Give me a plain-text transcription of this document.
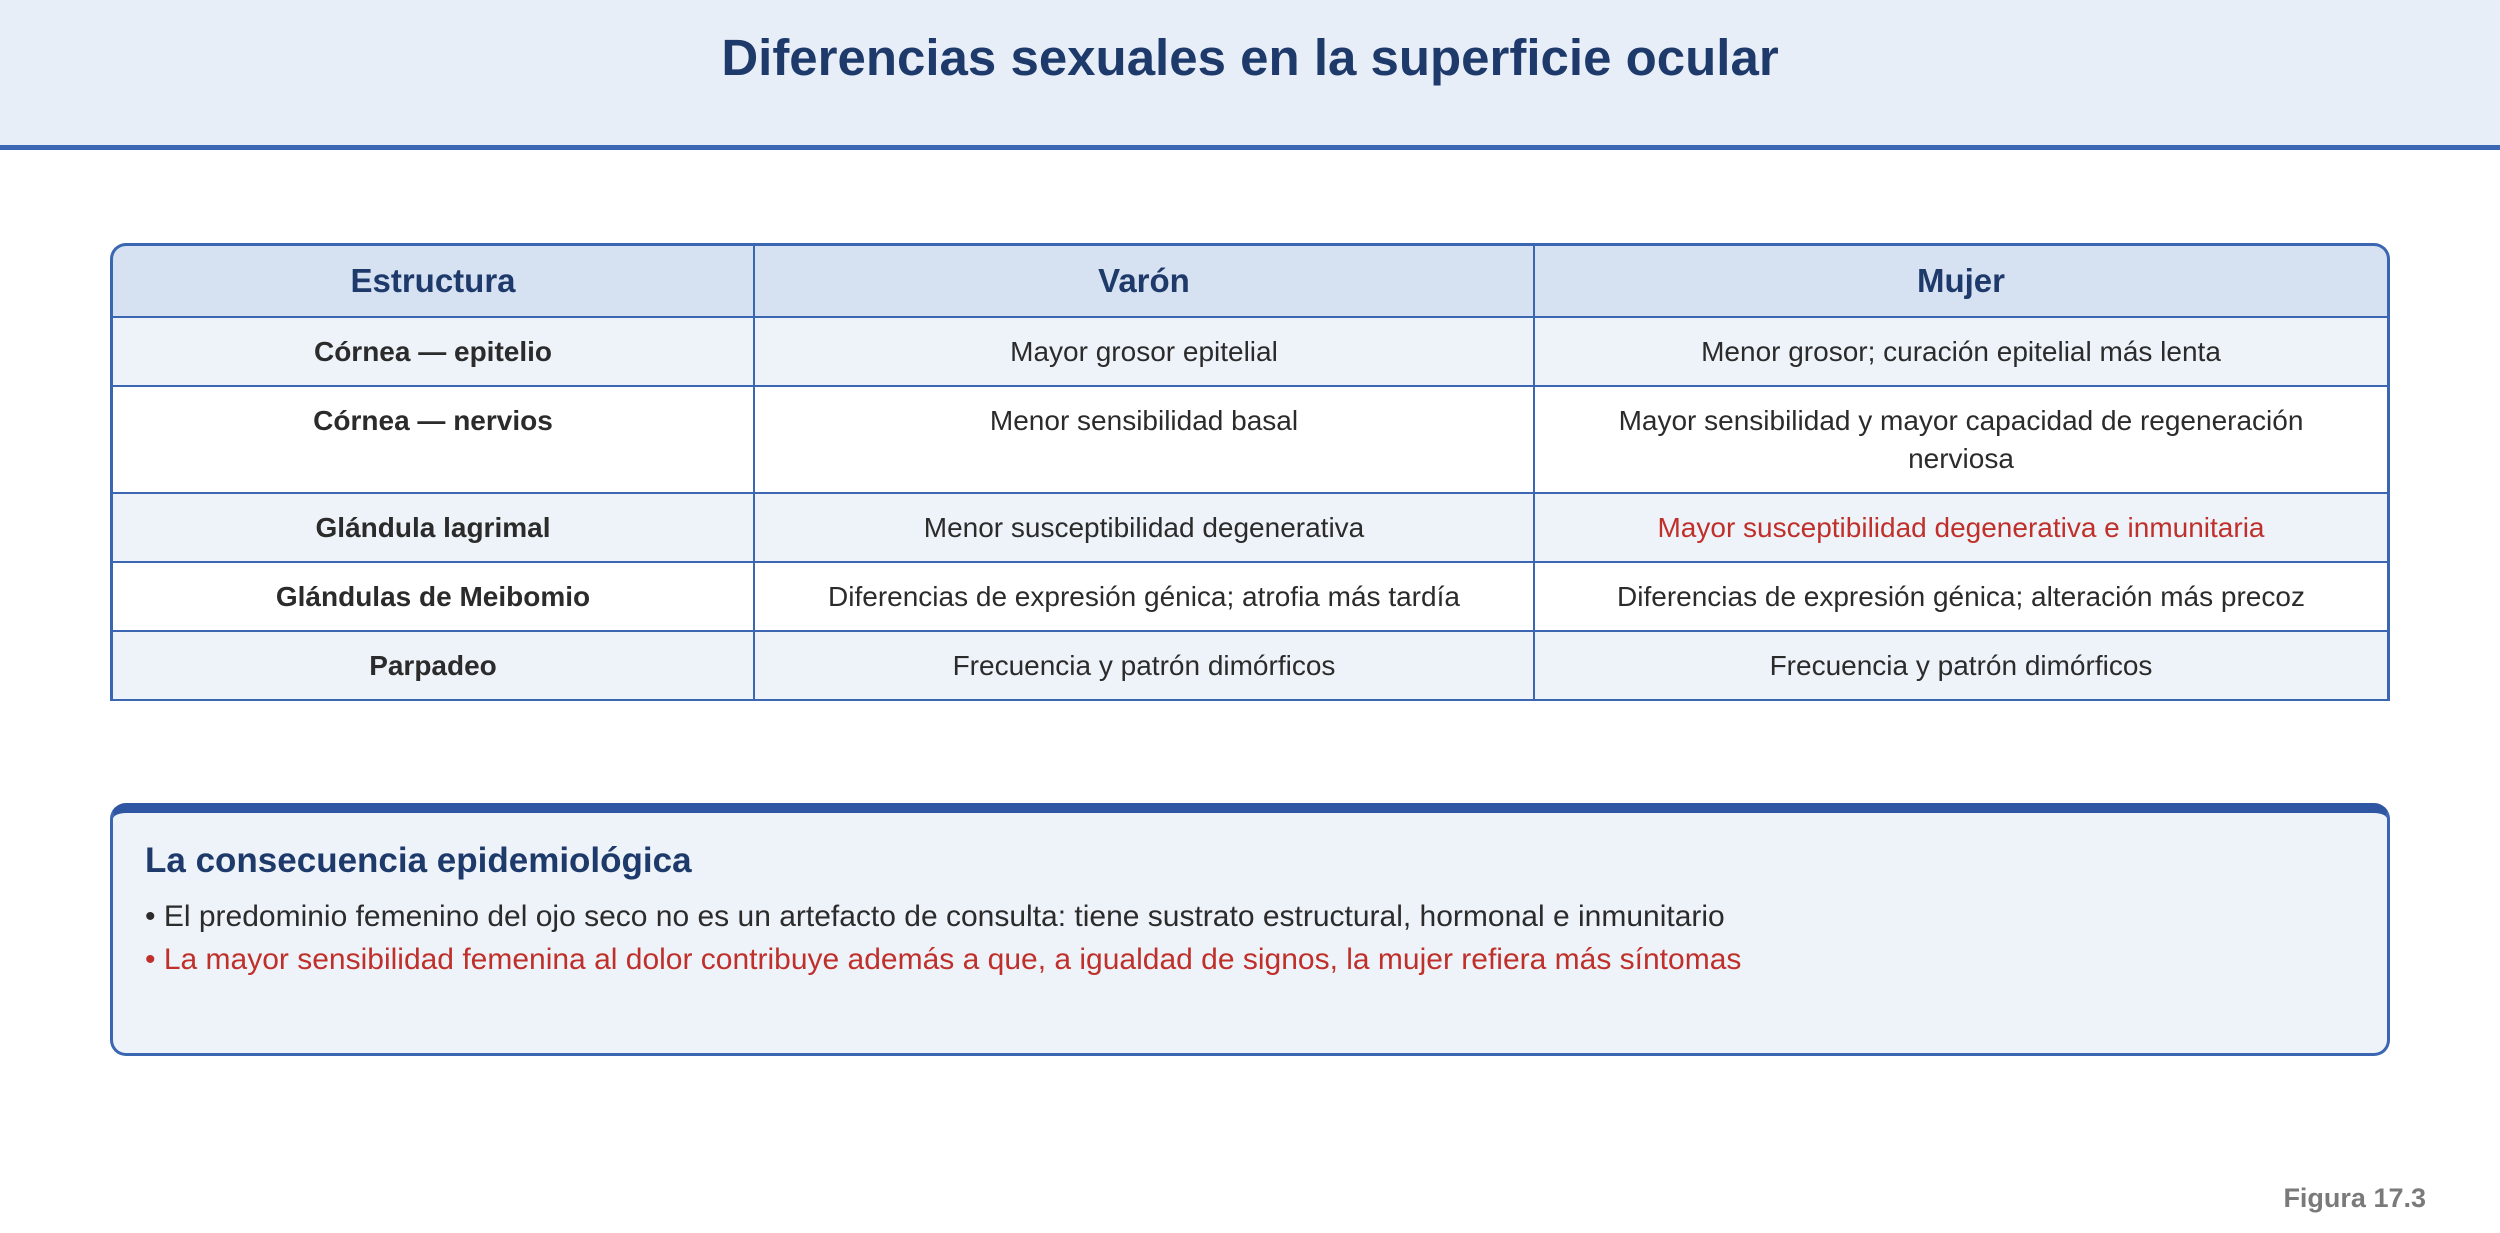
Diferencias sexuales en la superficie ocular
Estructura	Varón	Mujer
Córnea — epitelio	Mayor grosor epitelial	Menor grosor; curación epitelial más lenta
Córnea — nervios	Menor sensibilidad basal	Mayor sensibilidad y mayor capacidad de regeneración nerviosa
Glándula lagrimal	Menor susceptibilidad degenerativa	Mayor susceptibilidad degenerativa e inmunitaria
Glándulas de Meibomio	Diferencias de expresión génica; atrofia más tardía	Diferencias de expresión génica; alteración más precoz
Parpadeo	Frecuencia y patrón dimórficos	Frecuencia y patrón dimórficos
La consecuencia epidemiológica

• El predominio femenino del ojo seco no es un artefacto de consulta: tiene sustrato estructural, hormonal e inmunitario

• La mayor sensibilidad femenina al dolor contribuye además a que, a igualdad de signos, la mujer refiera más síntomas

Figura 17.3
